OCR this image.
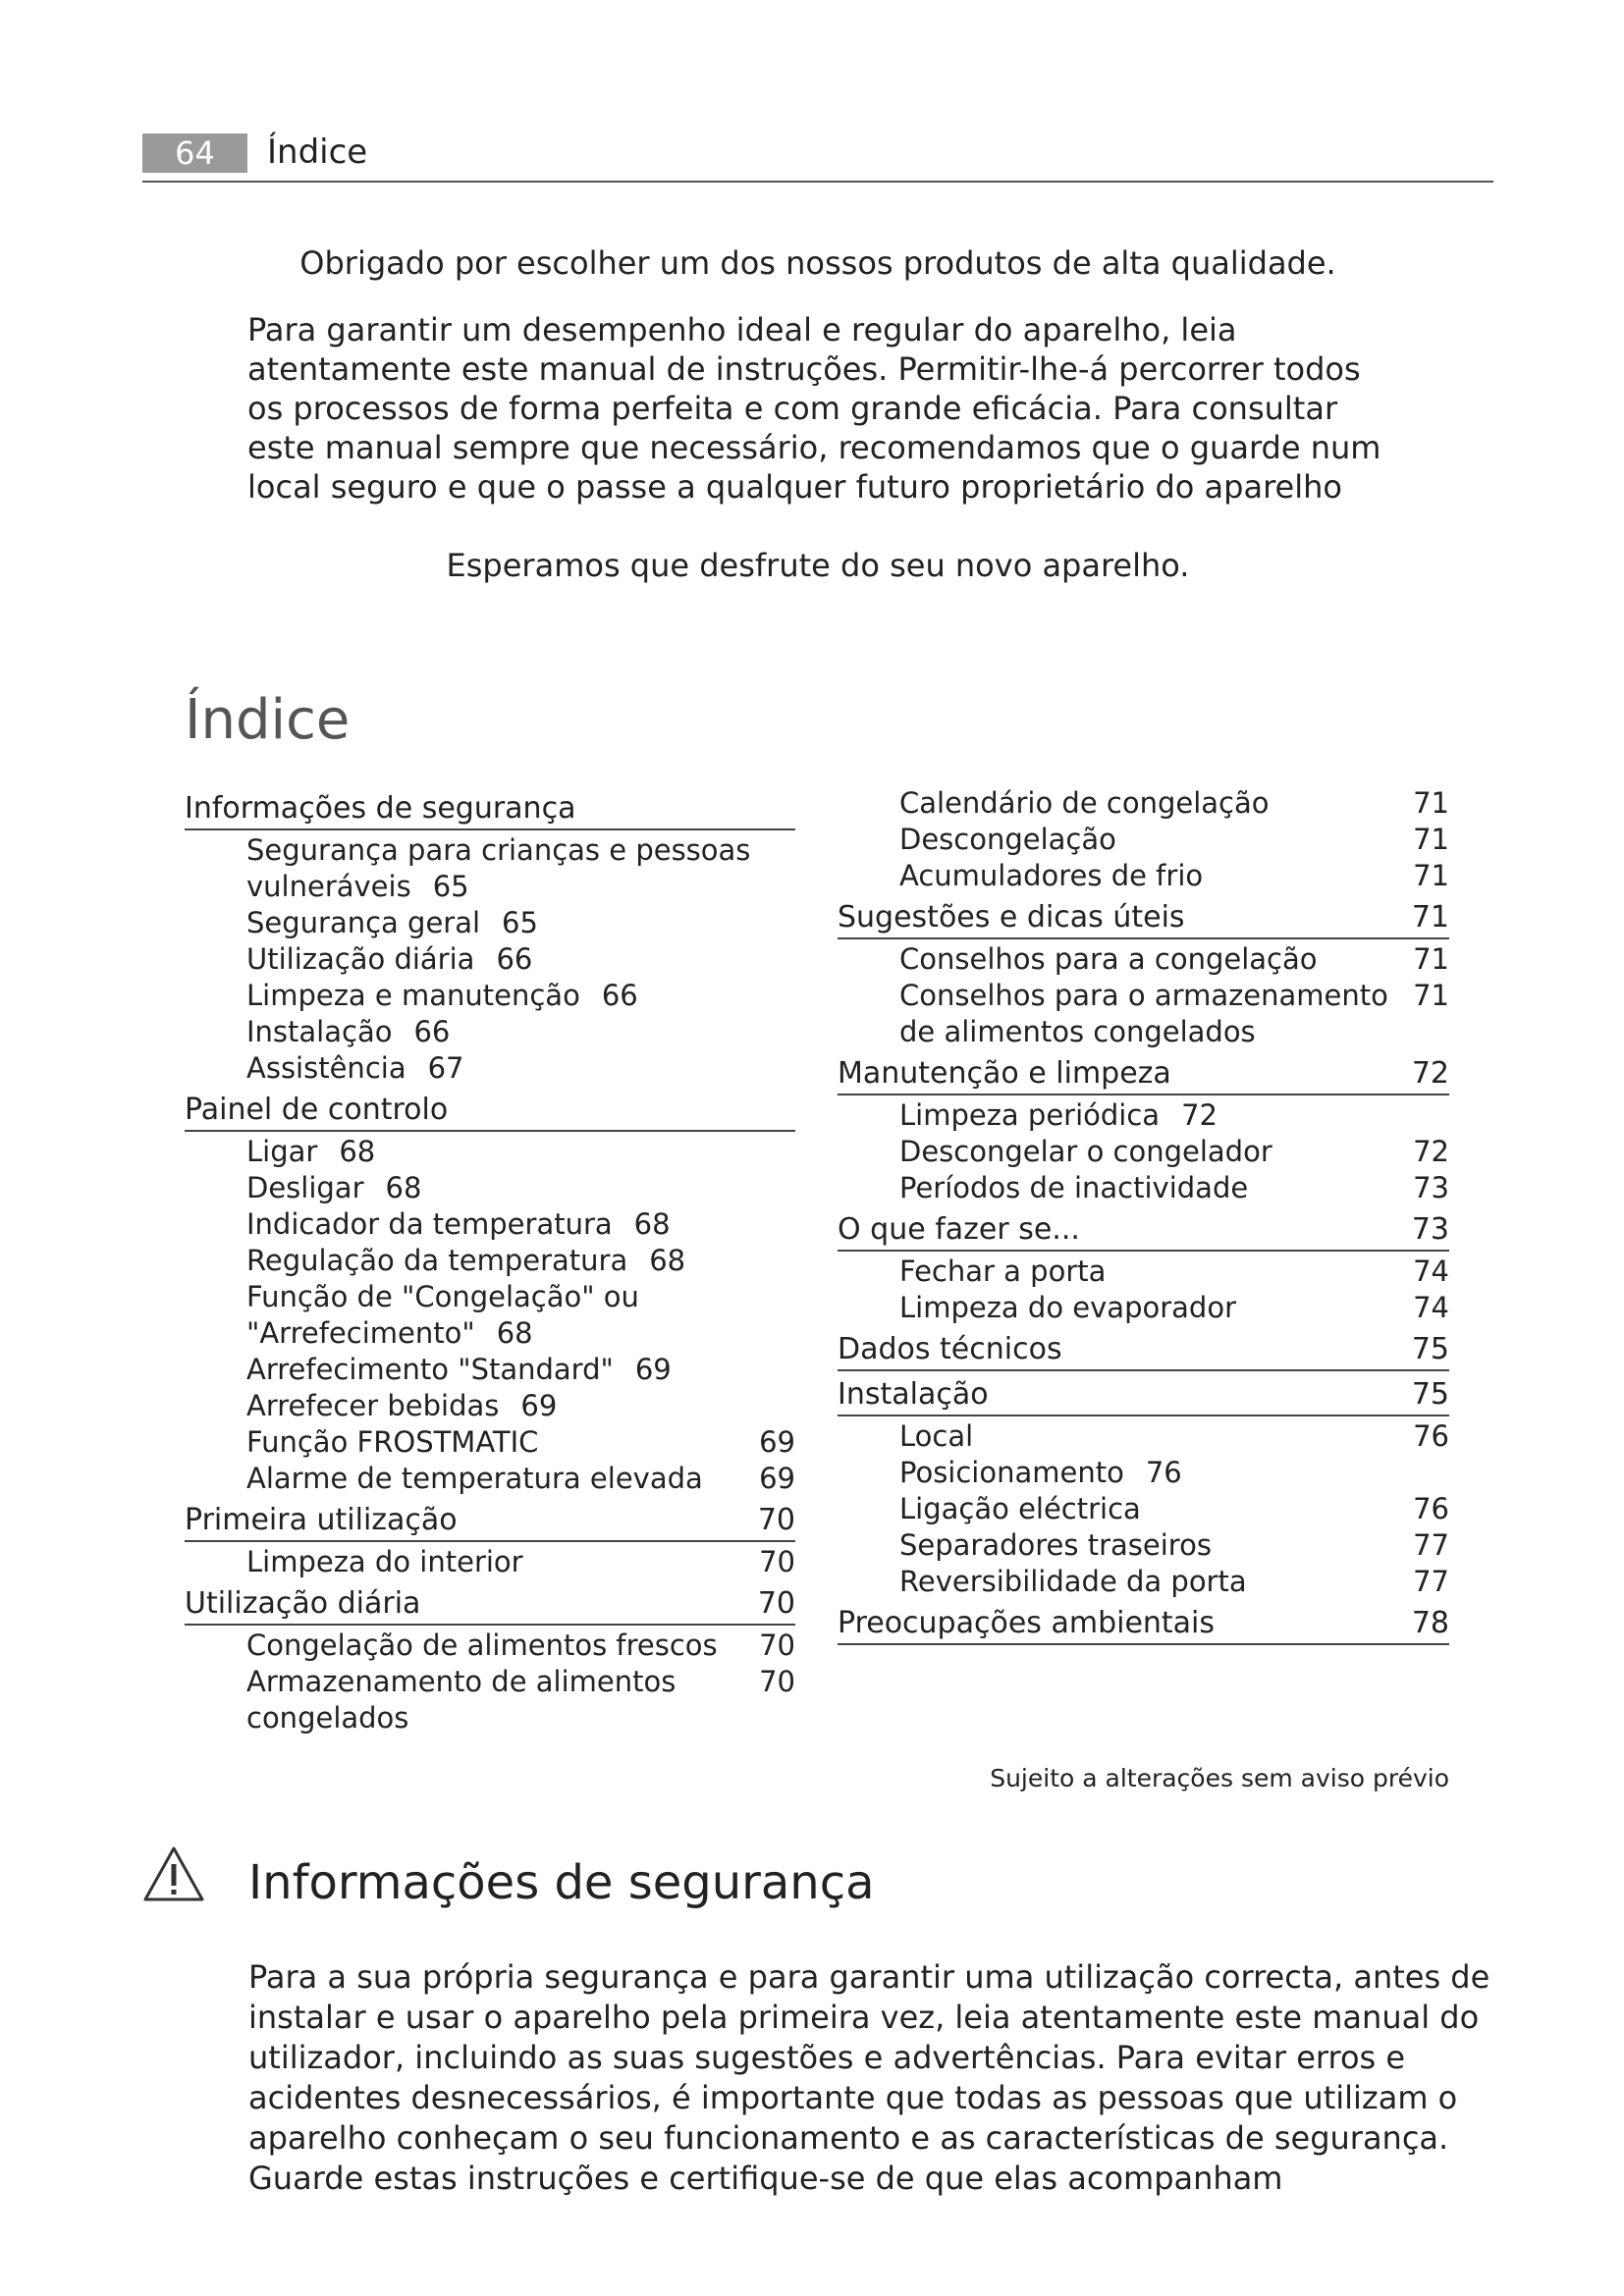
64	Índice
Obrigado por escolher um dos nossos produtos de alta qualidade.
Para garantir um desempenho ideal e regular do aparelho, leia atentamente este manual de instruções. Permitir-lhe-á percorrer todos os processos de forma perfeita e com grande eficácia. Para consultar este manual sempre que necessário, recomendamos que o guarde num local seguro e que o passe a qualquer futuro proprietário do aparelho
Esperamos que desfrute do seu novo aparelho.
Índice
Informações de segurança
Segurança para crianças e pessoas vulneráveis 65
Segurança geral 65
Utilização diária 66
Limpeza e manutenção 66
Instalação 66
Assistência 67
Painel de controlo
Ligar 68
Desligar 68
Indicador da temperatura 68
Regulação da temperatura 68
Função de "Congelação" ou "Arrefecimento" 68
Arrefecimento "Standard" 69
Arrefecer bebidas 69
Função FROSTMATIC	69
Alarme de temperatura elevada 69
Primeira utilização	70
Limpeza do interior	70
Utilização diária	70
Congelação de alimentos frescos 70
Armazenamento de alimentos congelados
70
Calendário de congelação	71
Descongelação	71
Acumuladores de frio	71
Sugestões e dicas úteis	71
Conselhos para a congelação	71
Conselhos para o armazenamento de alimentos congelados
71
Manutenção e limpeza	72
Limpeza periódica 72
Descongelar o congelador	72
Períodos de inactividade	73
O que fazer se...	73
Fechar a porta	74
Limpeza do evaporador	74
Dados técnicos	75
Instalação	75
Local	76
Posicionamento 76
Ligação eléctrica	76
Separadores traseiros	77
Reversibilidade da porta	77
Preocupações ambientais	78
Sujeito a alterações sem aviso prévio
Informações de segurança
Para a sua própria segurança e para garantir uma utilização correcta, antes de instalar e usar o aparelho pela primeira vez, leia atentamente este manual do utilizador, incluindo as suas sugestões e advertências. Para evitar erros e acidentes desnecessários, é importante que todas as pessoas que utilizam o aparelho conheçam o seu funcionamento e as características de segurança. Guarde estas instruções e certifique-se de que elas acompanham
